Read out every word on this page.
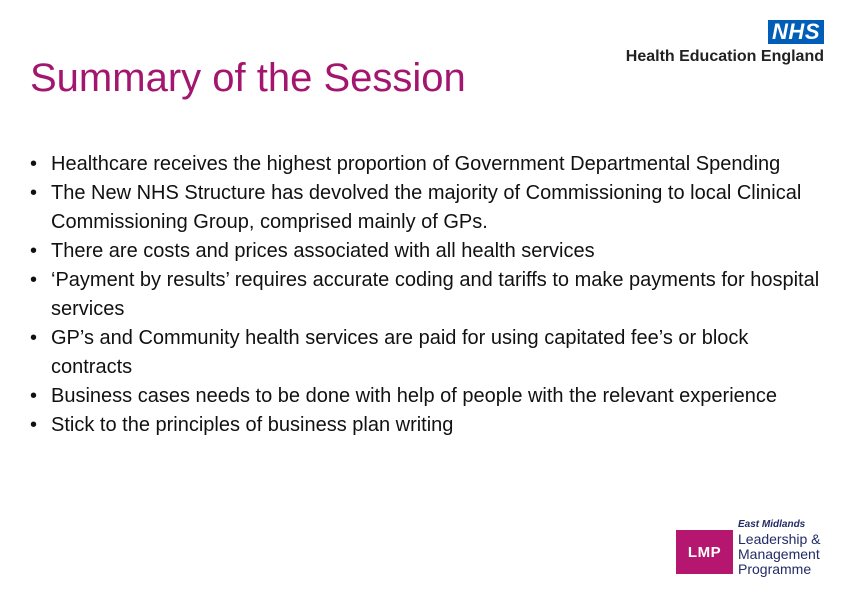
Summary of the Session
NHS
Health Education England
• Healthcare receives the highest proportion of Government Departmental Spending
• The New NHS Structure has devolved the majority of Commissioning to local Clinical Commissioning Group, comprised mainly of GPs.
• There are costs and prices associated with all health services
• ‘Payment by results’ requires accurate coding and tariffs to make payments for hospital services
• GP’s and Community health services are paid for using capitated fee’s or block contracts
• Business cases needs to be done with help of people with the relevant experience
• Stick to the principles of business plan writing
LMP
East Midlands
Leadership &
Management
Programme
